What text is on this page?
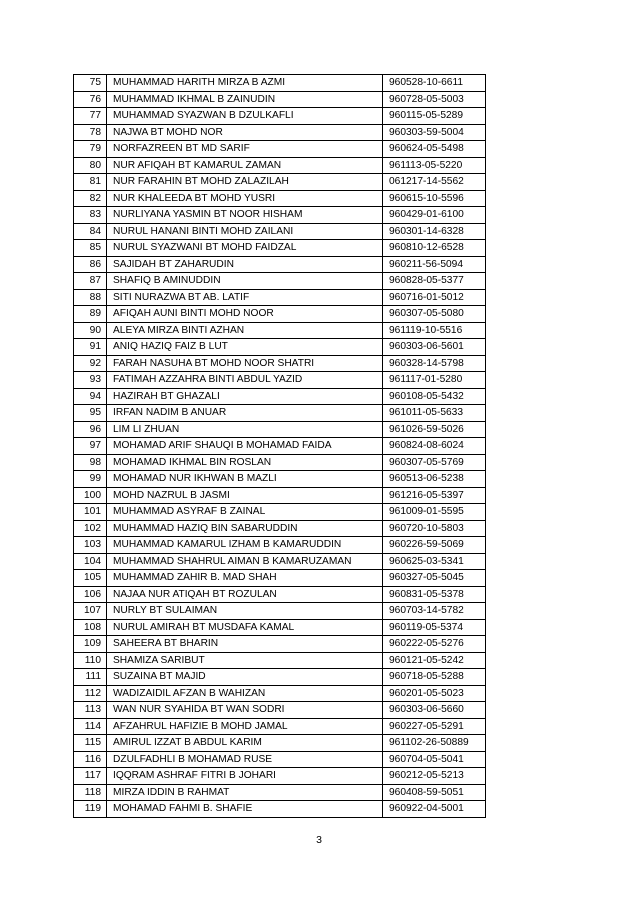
75	MUHAMMAD HARITH MIRZA B AZMI	960528-10-6611
76	MUHAMMAD IKHMAL B ZAINUDIN	960728-05-5003
77	MUHAMMAD SYAZWAN B DZULKAFLI	960115-05-5289
78	NAJWA BT MOHD NOR	960303-59-5004
79	NORFAZREEN BT MD SARIF	960624-05-5498
80	NUR AFIQAH BT KAMARUL ZAMAN	961113-05-5220
81	NUR FARAHIN BT MOHD ZALAZILAH	061217-14-5562
82	NUR KHALEEDA BT MOHD YUSRI	960615-10-5596
83	NURLIYANA YASMIN BT NOOR HISHAM	960429-01-6100
84	NURUL HANANI BINTI MOHD ZAILANI	960301-14-6328
85	NURUL SYAZWANI BT MOHD FAIDZAL	960810-12-6528
86	SAJIDAH BT ZAHARUDIN	960211-56-5094
87	SHAFIQ B AMINUDDIN	960828-05-5377
88	SITI NURAZWA BT AB. LATIF	960716-01-5012
89	AFIQAH AUNI BINTI MOHD NOOR	960307-05-5080
90	ALEYA MIRZA BINTI AZHAN	961119-10-5516
91	ANIQ HAZIQ FAIZ B LUT	960303-06-5601
92	FARAH NASUHA BT MOHD NOOR SHATRI	960328-14-5798
93	FATIMAH AZZAHRA BINTI ABDUL YAZID	961117-01-5280
94	HAZIRAH BT GHAZALI	960108-05-5432
95	IRFAN NADIM B ANUAR	961011-05-5633
96	LIM LI ZHUAN	961026-59-5026
97	MOHAMAD ARIF SHAUQI B MOHAMAD FAIDA	960824-08-6024
98	MOHAMAD IKHMAL BIN ROSLAN	960307-05-5769
99	MOHAMAD NUR IKHWAN B MAZLI	960513-06-5238
100	MOHD NAZRUL B JASMI	961216-05-5397
101	MUHAMMAD ASYRAF B ZAINAL	961009-01-5595
102	MUHAMMAD HAZIQ BIN SABARUDDIN	960720-10-5803
103	MUHAMMAD KAMARUL IZHAM B KAMARUDDIN	960226-59-5069
104	MUHAMMAD SHAHRUL AIMAN B KAMARUZAMAN	960625-03-5341
105	MUHAMMAD ZAHIR B. MAD SHAH	960327-05-5045
106	NAJAA NUR ATIQAH BT ROZULAN	960831-05-5378
107	NURLY BT SULAIMAN	960703-14-5782
108	NURUL AMIRAH BT MUSDAFA KAMAL	960119-05-5374
109	SAHEERA BT BHARIN	960222-05-5276
110	SHAMIZA SARIBUT	960121-05-5242
111	SUZAINA BT MAJID	960718-05-5288
112	WADIZAIDIL AFZAN B WAHIZAN	960201-05-5023
113	WAN NUR SYAHIDA BT WAN SODRI	960303-06-5660
114	AFZAHRUL HAFIZIE B MOHD JAMAL	960227-05-5291
115	AMIRUL IZZAT B ABDUL KARIM	961102-26-50889
116	DZULFADHLI B MOHAMAD RUSE	960704-05-5041
117	IQQRAM ASHRAF FITRI B JOHARI	960212-05-5213
118	MIRZA IDDIN B RAHMAT	960408-59-5051
119	MOHAMAD FAHMI B. SHAFIE	960922-04-5001
3
